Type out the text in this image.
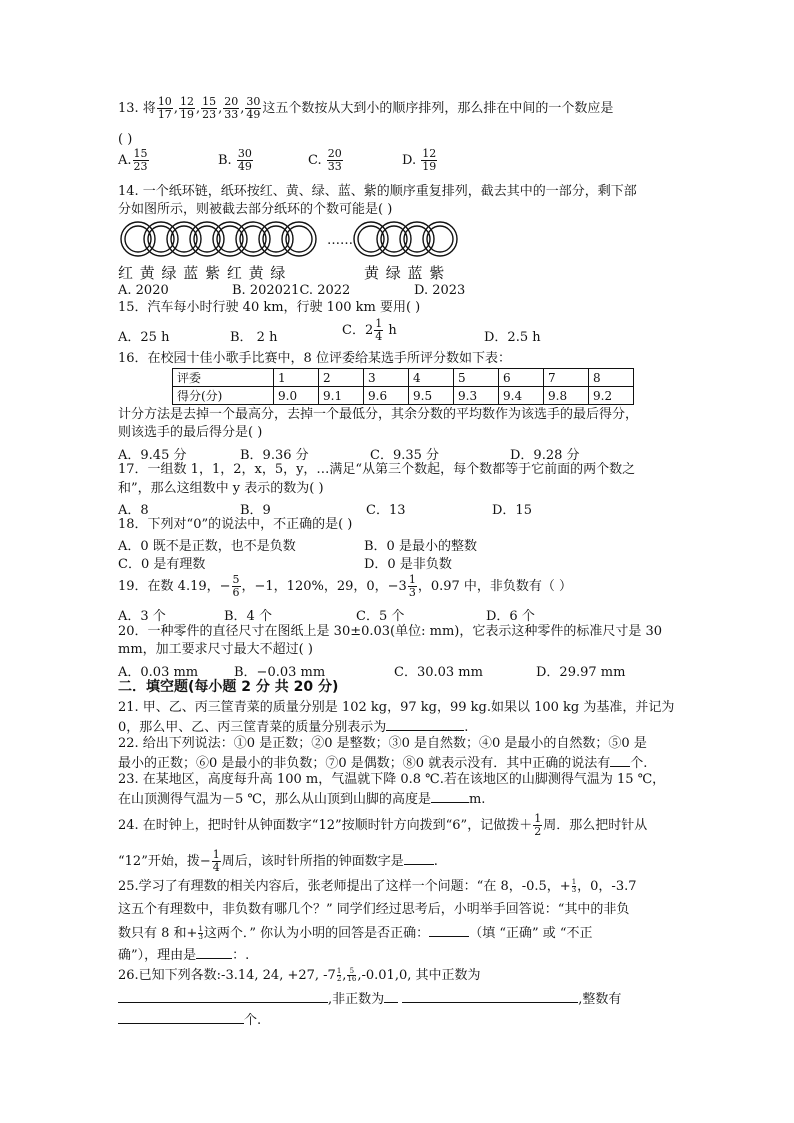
13. 将 $\frac{10}{17}$ , $\frac{12}{19}$ , $\frac{15}{23}$ , $\frac{20}{33}$ , $\frac{30}{49}$ 这五个数按从大到小的顺序排列，那么排在中间的一个数应是
( )
A. $\frac{15}{23}$	B. $\frac{30}{49}$	C. $\frac{20}{33}$	D. $\frac{12}{19}$
14. 一个纸环链，纸环按红、黄、绿、蓝、紫的顺序重复排列，截去其中的一部分，剩下部
分如图所示，则被截去部分纸环的个数可能是( )
……
红 黄 绿 蓝 紫 红 黄 绿	黄 绿 蓝 紫
A. 2020	B. 202021C. 2022	D. 2023
15．汽车每小时行驶 40 km，行驶 100 km 要用( )
A．25 h	B． 2 h	C．$2 \frac{1}{4}$ h	D．2.5 h
16．在校园十佳小歌手比赛中，8 位评委给某选手所评分数如下表：
评委	1	2	3	4	5	6	7	8
得分(分)	9.0	9.1	9.6	9.5	9.3	9.4	9.8	9.2
计分方法是去掉一个最高分，去掉一个最低分，其余分数的平均数作为该选手的最后得分，
则该选手的最后得分是( )
A．9.45 分	B．9.36 分	C．9.35 分	D．9.28 分
17．一组数 1，1，2，x，5，y，…满足“从第三个数起，每个数都等于它前面的两个数之
和”，那么这组数中 y 表示的数为( )
A．8	B．9	C．13	D．15
18．下列对“0”的说法中，不正确的是( )
A．0 既不是正数，也不是负数	B．0 是最小的整数
C．0 是有理数	D．0 是非负数
19．在数 4.19，− $\frac{5}{6}$ ，−1，120%，29，0，$-3 \frac{1}{3}$ ，0.97 中，非负数有（ ）
A．3 个	B．4 个	C．5 个	D．6 个
20．一种零件的直径尺寸在图纸上是 30±0.03(单位: mm)，它表示这种零件的标准尺寸是 30
mm，加工要求尺寸最大不超过( )
A．0.03 mm	B．−0.03 mm	C．30.03 mm	D．29.97 mm
二．填空题(每小题 2 分 共 20 分)
21. 甲、乙、丙三筐青菜的质量分别是 102 kg，97 kg，99 kg.如果以 100 kg 为基准，并记为
0，那么甲、乙、丙三筐青菜的质量分别表示为	.
22. 给出下列说法：①0 是正数；②0 是整数；③0 是自然数；④0 是最小的自然数；⑤0 是
最小的正数；⑥0 是最小的非负数；⑦0 是偶数；⑧0 就表示没有．其中正确的说法有 个.
23. 在某地区，高度每升高 100 m，气温就下降 0.8 ℃.若在该地区的山脚测得气温为 15 ℃，
在山顶测得气温为－5 ℃，那么从山顶到山脚的高度是	m.
24. 在时钟上，把时针从钟面数字“12”按顺时针方向拨到“6”，记做拨＋ $\frac{1}{2}$ 周．那么把时针从
“12”开始，拨− $\frac{1}{4}$ 周后，该时针所指的钟面数字是 .
25.学习了有理数的相关内容后，张老师提出了这样一个问题：“在 8，-0.5，+ $\frac{1}{3}$ ，0，-3.7
这五个有理数中，非负数有哪几个？” 同学们经过思考后，小明举手回答说：“其中的非负
数只有 8 和+ $\frac{1}{3}$ 这两个．” 你认为小明的回答是否正确：	（填 “正确” 或 “不正
确”），理由是	：.
26.已知下列各数:-3.14, 24, +27, $-7 \frac{1}{2}$ , $\frac{5}{16} ,-0.01,0$, 其中正数为
,非正数为	,整数有
个.
